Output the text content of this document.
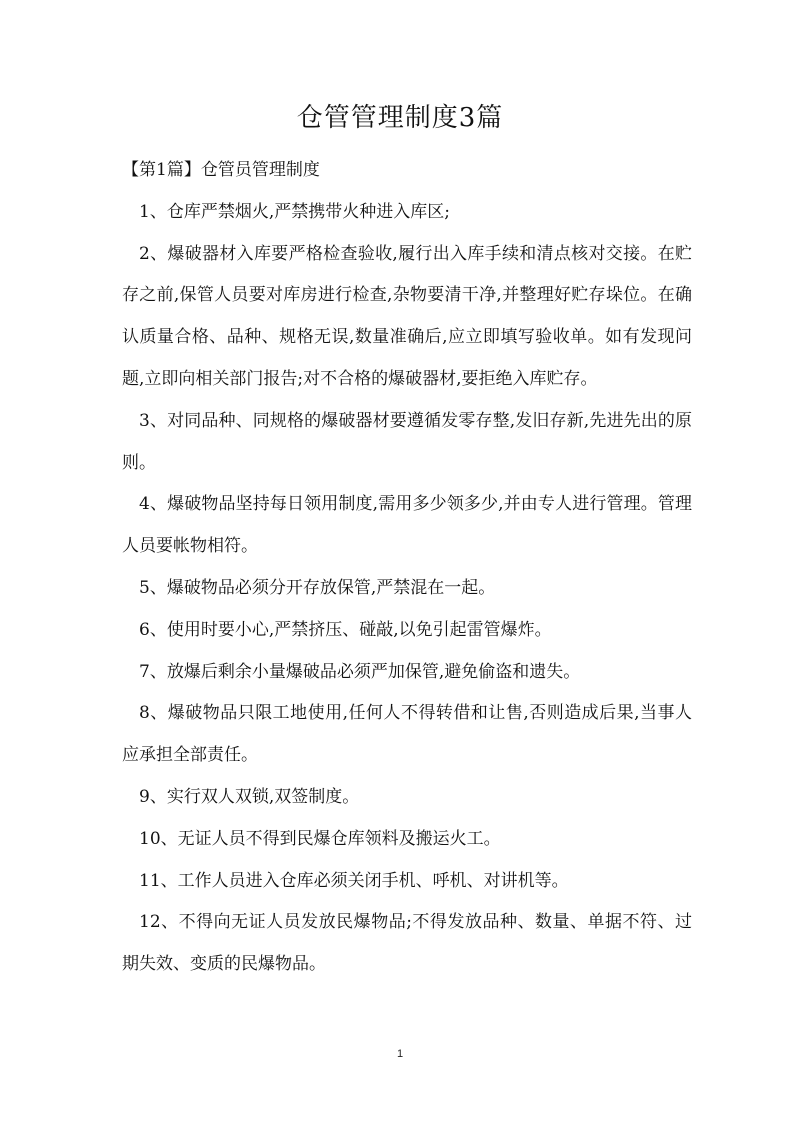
仓管管理制度3篇

【第1篇】仓管员管理制度

1、仓库严禁烟火,严禁携带火种进入库区;

2、爆破器材入库要严格检查验收,履行出入库手续和清点核对交接。在贮存之前,保管人员要对库房进行检查,杂物要清干净,并整理好贮存垛位。在确认质量合格、品种、规格无误,数量准确后,应立即填写验收单。如有发现问题,立即向相关部门报告;对不合格的爆破器材,要拒绝入库贮存。

3、对同品种、同规格的爆破器材要遵循发零存整,发旧存新,先进先出的原则。

4、爆破物品坚持每日领用制度,需用多少领多少,并由专人进行管理。管理人员要帐物相符。

5、爆破物品必须分开存放保管,严禁混在一起。

6、使用时要小心,严禁挤压、碰敲,以免引起雷管爆炸。

7、放爆后剩余小量爆破品必须严加保管,避免偷盗和遗失。

8、爆破物品只限工地使用,任何人不得转借和让售,否则造成后果,当事人应承担全部责任。

9、实行双人双锁,双签制度。

10、无证人员不得到民爆仓库领料及搬运火工。

11、工作人员进入仓库必须关闭手机、呼机、对讲机等。

12、不得向无证人员发放民爆物品;不得发放品种、数量、单据不符、过期失效、变质的民爆物品。

1
